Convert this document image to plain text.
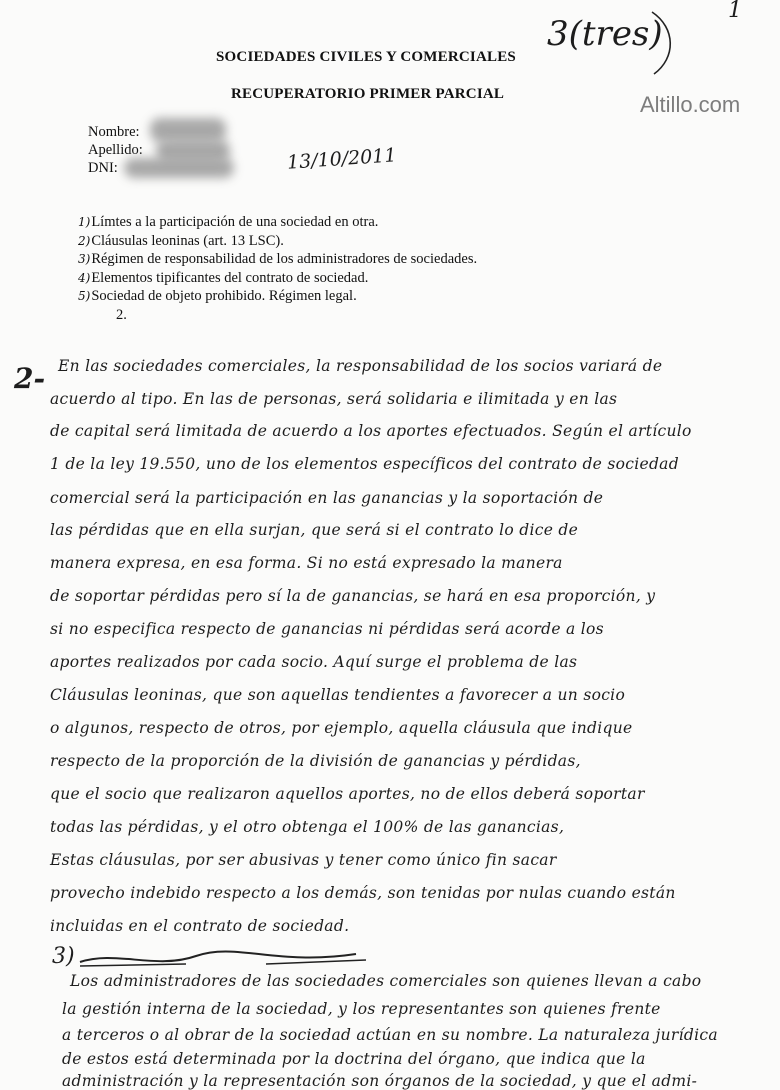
1
SOCIEDADES CIVILES Y COMERCIALES
3(tres)
RECUPERATORIO PRIMER PARCIAL	Altillo.com
Nombre:
Apellido:
DNI:	13/10/2011
1)Límtes a la participación de una sociedad en otra.
2)Cláusulas leoninas (art. 13 LSC).
3)Régimen de responsabilidad de los administradores de sociedades.
4)Elementos tipificantes del contrato de sociedad.
5)Sociedad de objeto prohibido. Régimen legal.
2.
2- En las sociedades comerciales, la responsabilidad de los socios variará de
acuerdo al tipo. En las de personas, será solidaria e ilimitada y en las
de capital será limitada de acuerdo a los aportes efectuados. Según el artículo
1 de la ley 19.550, uno de los elementos específicos del contrato de sociedad
comercial será la participación en las ganancias y la soportación de
las pérdidas que en ella surjan, que será si el contrato lo dice de
manera expresa, en esa forma. Si no está expresado la manera
de soportar pérdidas pero sí la de ganancias, se hará en esa proporción, y
si no especifica respecto de ganancias ni pérdidas será acorde a los
aportes realizados por cada socio. Aquí surge el problema de las
Cláusulas leoninas, que son aquellas tendientes a favorecer a un socio
o algunos, respecto de otros, por ejemplo, aquella cláusula que indique
respecto de la proporción de la división de ganancias y pérdidas,
que el socio que realizaron aquellos aportes, no de ellos deberá soportar
todas las pérdidas, y el otro obtenga el 100% de las ganancias,
Estas cláusulas, por ser abusivas y tener como único fin sacar
provecho indebido respecto a los demás, son tenidas por nulas cuando están
incluidas en el contrato de sociedad.
3)
Los administradores de las sociedades comerciales son quienes llevan a cabo
la gestión interna de la sociedad, y los representantes son quienes frente
a terceros o al obrar de la sociedad actúan en su nombre. La naturaleza jurídica
de estos está determinada por la doctrina del órgano, que indica que la
administración y la representación son órganos de la sociedad, y que el admi-
